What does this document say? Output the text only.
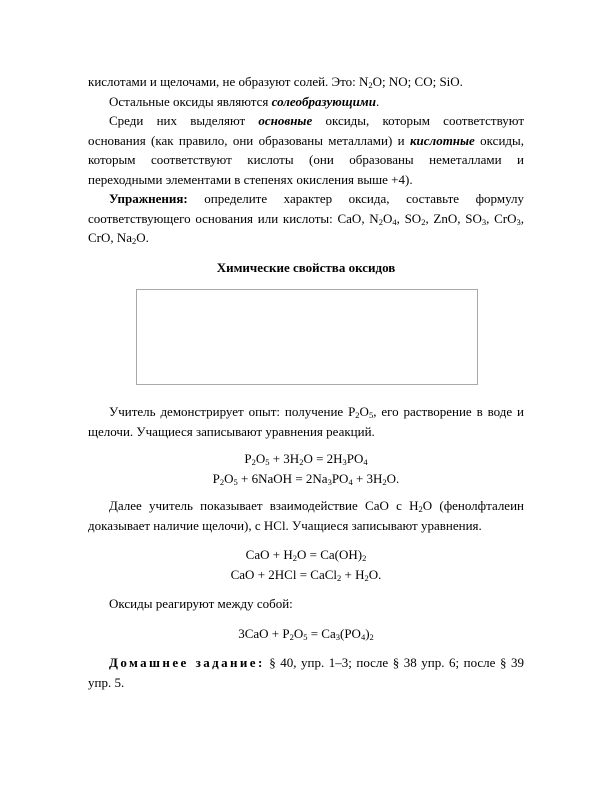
кислотами и щелочами, не образуют солей. Это: $N_2O$; NO; CO; SiO.

Остальные оксиды являются солеобразующими.

Среди них выделяют основные оксиды, которым соответствуют основания (как правило, они образованы металлами) и кислотные оксиды, которым соответствуют кислоты (они образованы неметаллами и переходными элементами в степенях окисления выше +4).

Упражнения: определите характер оксида, составьте формулу соответствующего основания или кислоты: CaO, $N_2O_4$, $SO_2$, ZnO, $SO_3$, CrO$_3$, CrO, $Na_2O$.

Химические свойства оксидов

Учитель демонстрирует опыт: получение $P_2O_5$, его растворение в воде и щелочи. Учащиеся записывают уравнения реакций.

$P_2O_5 + 3H_2O = 2H_3PO_4$

$P_2O_5$ + 6NaOH = $2Na_3PO_4 + 3H_2O$.

Далее учитель показывает взаимодействие CaO с $H_2O$ (фенолфталеин доказывает наличие щелочи), с HCl. Учащиеся записывают уравнения.

CaO + $H_2O = Ca(OH)_2$

CaO + 2HCl = CaCl$_2$ + $H_2O$.

Оксиды реагируют между собой:

$3CaO + P_2O_5 = Ca_3(PO_4)_2$

Домашнее задание: § 40, упр. 1–3; после § 38 упр. 6; после § 39 упр. 5.
